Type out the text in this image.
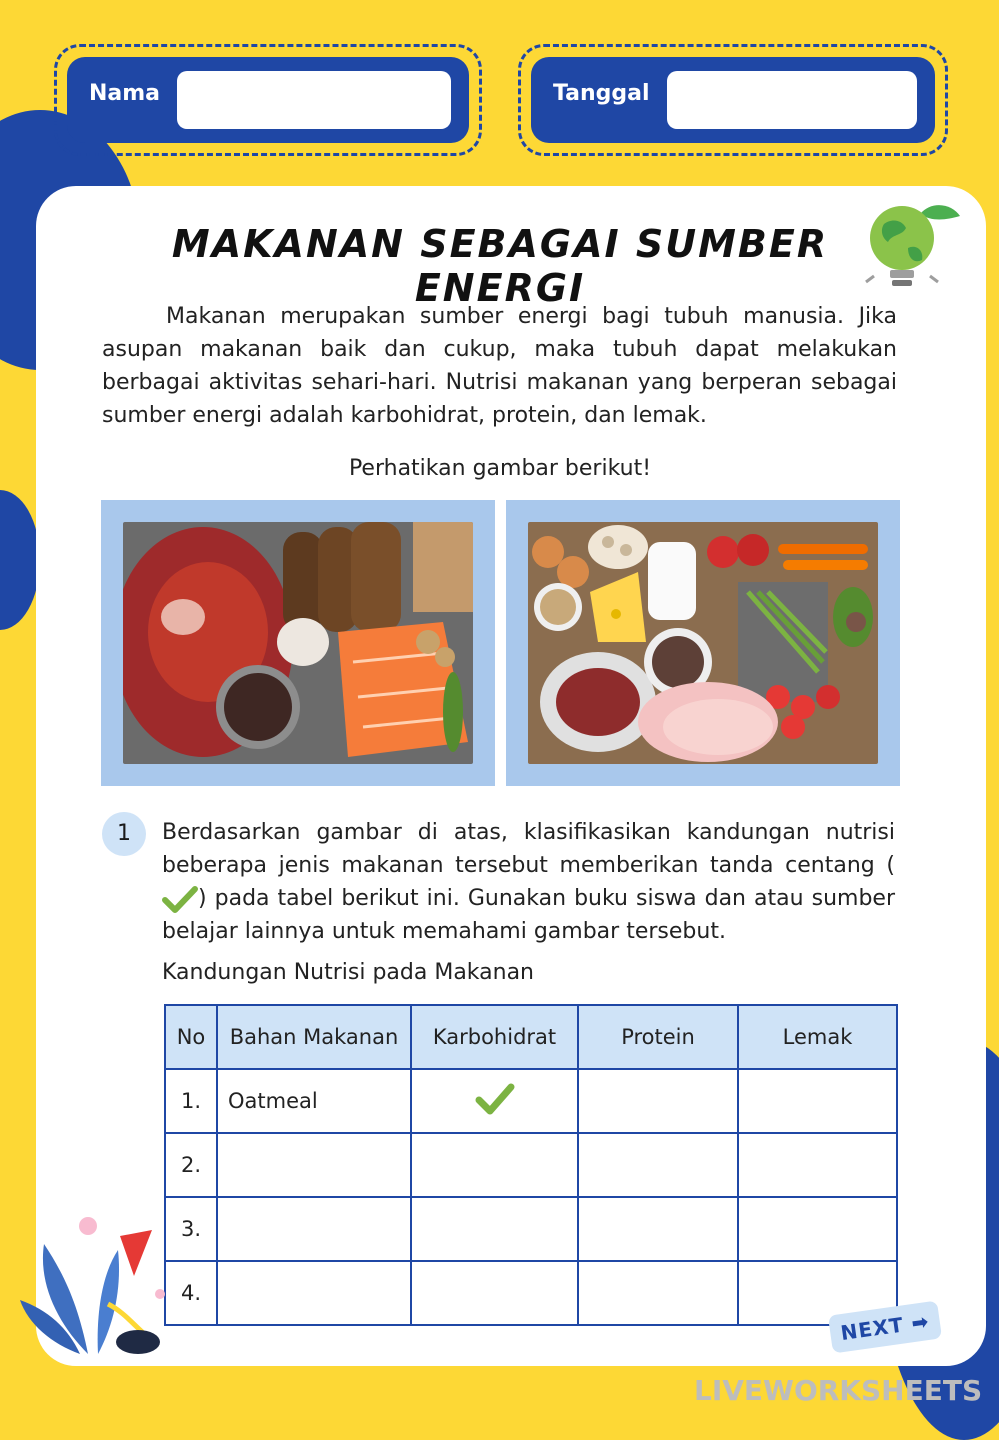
Nama	Tanggal
MAKANAN SEBAGAI SUMBER ENERGI
Makanan merupakan sumber energi bagi tubuh manusia. Jika asupan makanan baik dan cukup, maka tubuh dapat melakukan berbagai aktivitas sehari-hari. Nutrisi makanan yang berperan sebagai sumber energi adalah karbohidrat, protein, dan lemak.
Perhatikan gambar berikut!
1	Berdasarkan gambar di atas, klasifikasikan kandungan nutrisi beberapa jenis makanan tersebut memberikan tanda centang () pada tabel berikut ini. Gunakan buku siswa dan atau sumber belajar lainnya untuk memahami gambar tersebut.
Kandungan Nutrisi pada Makanan
No	Bahan Makanan	Karbohidrat	Protein	Lemak
1.	Oatmeal			
2.				
3.				
4.				
NEXT ➡
LIVEWORKSHEETS
